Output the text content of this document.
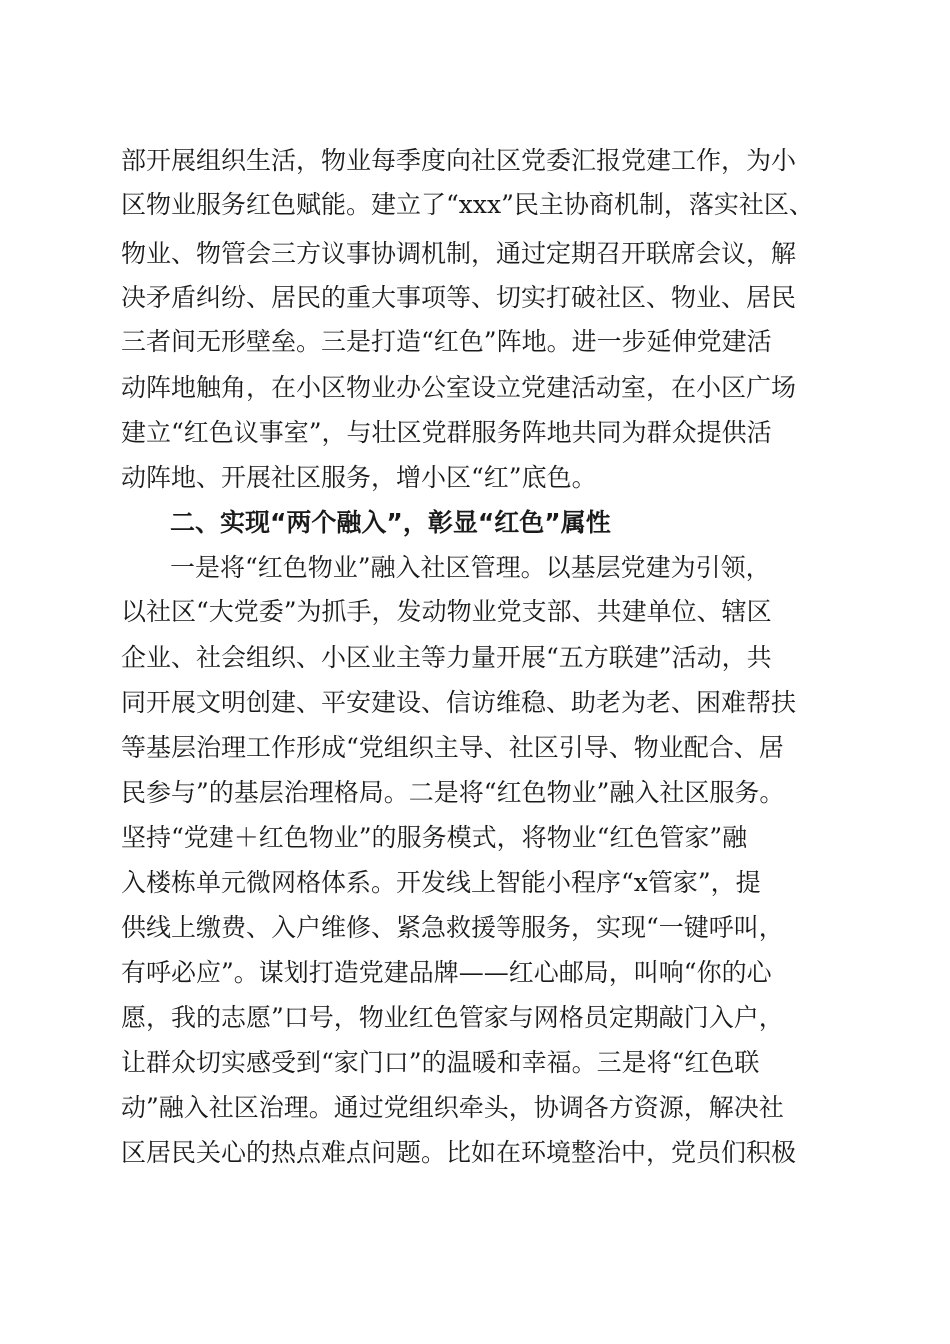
部开展组织生活，物业每季度向社区党委汇报党建工作，为小
区物业服务红色赋能。建立了“xxx”民主协商机制，落实社区、
物业、物管会三方议事协调机制，通过定期召开联席会议，解
决矛盾纠纷、居民的重大事项等、切实打破社区、物业、居民
三者间无形壁垒。三是打造“红色”阵地。进一步延伸党建活
动阵地触角，在小区物业办公室设立党建活动室，在小区广场
建立“红色议事室”，与壮区党群服务阵地共同为群众提供活
动阵地、开展社区服务，增小区“红”底色。
二、实现“两个融入”，彰显“红色”属性
一是将“红色物业”融入社区管理。以基层党建为引领，
以社区“大党委”为抓手，发动物业党支部、共建单位、辖区
企业、社会组织、小区业主等力量开展“五方联建”活动，共
同开展文明创建、平安建设、信访维稳、助老为老、困难帮扶
等基层治理工作形成“党组织主导、社区引导、物业配合、居
民参与”的基层治理格局。二是将“红色物业”融入社区服务。
坚持“党建＋红色物业”的服务模式，将物业“红色管家”融
入楼栋单元微网格体系。开发线上智能小程序“x管家”，提
供线上缴费、入户维修、紧急救援等服务，实现“一键呼叫，
有呼必应”。谋划打造党建品牌——红心邮局，叫响“你的心
愿，我的志愿”口号，物业红色管家与网格员定期敲门入户，
让群众切实感受到“家门口”的温暖和幸福。三是将“红色联
动”融入社区治理。通过党组织牵头，协调各方资源，解决社
区居民关心的热点难点问题。比如在环境整治中，党员们积极
